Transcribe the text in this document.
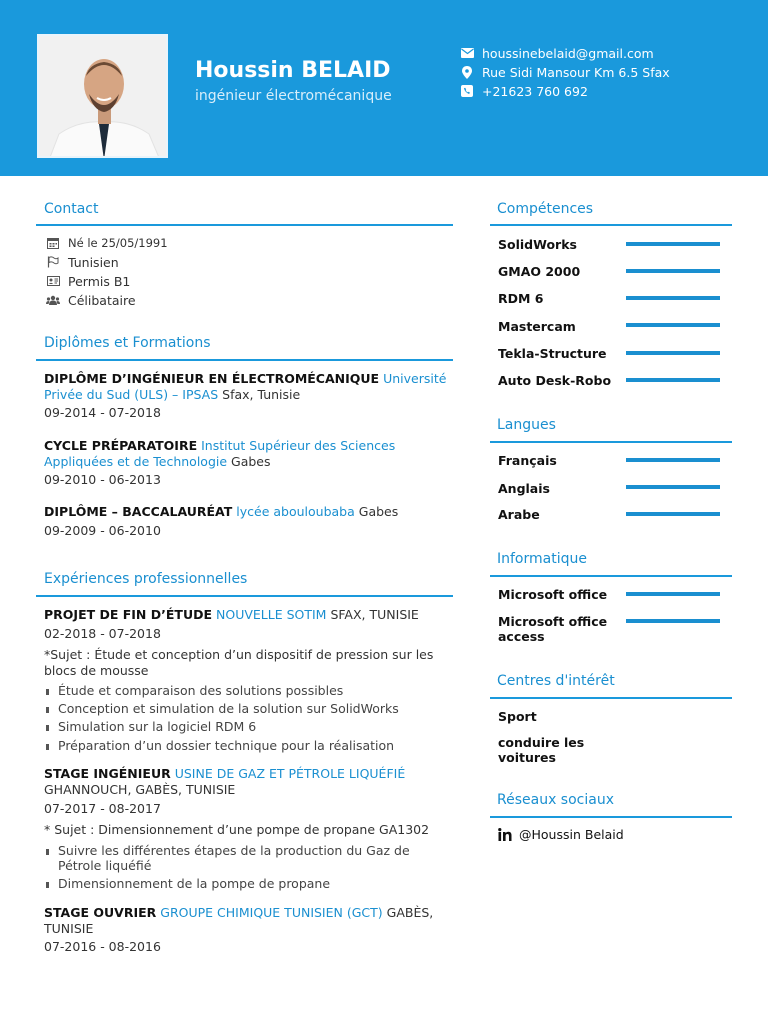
Houssin BELAID
ingénieur électromécanique
houssinebelaid@gmail.com
Rue Sidi Mansour Km 6.5 Sfax
+21623 760 692
Contact
Né le 25/05/1991
Tunisien
Permis B1
Célibataire
Diplômes et Formations
DIPLÔME D’INGÉNIEUR EN ÉLECTROMÉCANIQUE Université Privée du Sud (ULS) – IPSAS Sfax, Tunisie
09-2014 - 07-2018
CYCLE PRÉPARATOIRE Institut Supérieur des Sciences Appliquées et de Technologie Gabes
09-2010 - 06-2013
DIPLÔME – BACCALAURÉAT lycée abouloubaba Gabes
09-2009 - 06-2010
Expériences professionnelles
PROJET DE FIN D’ÉTUDE NOUVELLE SOTIM SFAX, TUNISIE
02-2018 - 07-2018
*Sujet : Étude et conception d’un dispositif de pression sur les blocs de mousse
Étude et comparaison des solutions possibles
Conception et simulation de la solution sur SolidWorks
Simulation sur la logiciel RDM 6
Préparation d’un dossier technique pour la réalisation
STAGE INGÉNIEUR USINE DE GAZ ET PÉTROLE LIQUÉFIÉ GHANNOUCH, GABÈS, TUNISIE
07-2017 - 08-2017
* Sujet : Dimensionnement d’une pompe de propane GA1302
Suivre les différentes étapes de la production du Gaz de Pétrole liquéfié
Dimensionnement de la pompe de propane
STAGE OUVRIER GROUPE CHIMIQUE TUNISIEN (GCT) GABÈS, TUNISIE
07-2016 - 08-2016
Compétences
SolidWorks
GMAO 2000
RDM 6
Mastercam
Tekla-Structure
Auto Desk-Robo
Langues
Français
Anglais
Arabe
Informatique
Microsoft office
Microsoft office access
Centres d'intérêt
Sport
conduire les voitures
Réseaux sociaux
@Houssin Belaid
